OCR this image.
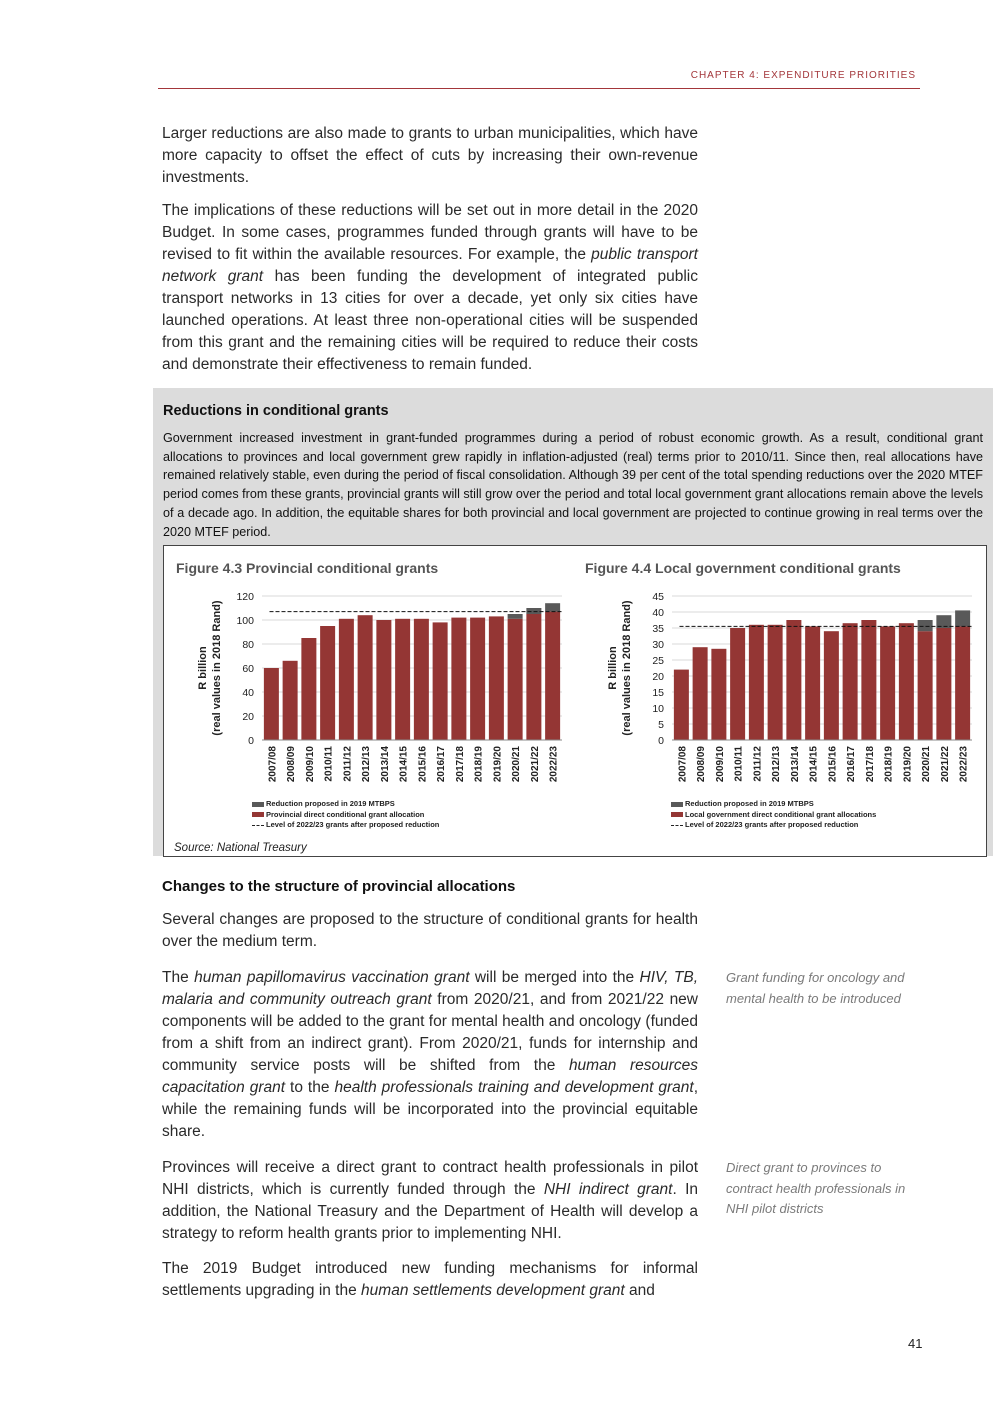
CHAPTER 4: EXPENDITURE PRIORITIES

Larger reductions are also made to grants to urban municipalities, which have more capacity to offset the effect of cuts by increasing their own-revenue investments.

The implications of these reductions will be set out in more detail in the 2020 Budget. In some cases, programmes funded through grants will have to be revised to fit within the available resources. For example, the public transport network grant has been funding the development of integrated public transport networks in 13 cities for over a decade, yet only six cities have launched operations. At least three non-operational cities will be suspended from this grant and the remaining cities will be required to reduce their costs and demonstrate their effectiveness to remain funded.

Reductions in conditional grants

Government increased investment in grant-funded programmes during a period of robust economic growth. As a result, conditional grant allocations to provinces and local government grew rapidly in inflation-adjusted (real) terms prior to 2010/11. Since then, real allocations have remained relatively stable, even during the period of fiscal consolidation. Although 39 per cent of the total spending reductions over the 2020 MTEF period comes from these grants, provincial grants will still grow over the period and total local government grant allocations remain above the levels of a decade ago. In addition, the equitable shares for both provincial and local government are projected to continue growing in real terms over the 2020 MTEF period.

Figure 4.3 Provincial conditional grants	Figure 4.4 Local government conditional grants
R billion (real values in 2018 Rand)
0
20
40
60
80
100
120
2007/08 2008/09 2009/10 2010/11 2011/12 2012/13 2013/14 2014/15 2015/16 2016/17 2017/18 2018/19 2019/20 2020/21 2021/22 2022/23
R billion (real values in 2018 Rand)
0
5
10
15
20
25
30
35
40
45
2007/08 2008/09 2009/10 2010/11 2011/12 2012/13 2013/14 2014/15 2015/16 2016/17 2017/18 2018/19 2019/20 2020/21 2021/22 2022/23
Reduction proposed in 2019 MTBPS
Provincial direct conditional grant allocation
Level of 2022/23 grants after proposed reduction
Reduction proposed in 2019 MTBPS
Local government direct conditional grant allocations
Level of 2022/23 grants after proposed reduction
Source: National Treasury
Changes to the structure of provincial allocations

Several changes are proposed to the structure of conditional grants for health over the medium term.

The human papillomavirus vaccination grant will be merged into the HIV, TB, malaria and community outreach grant from 2020/21, and from 2021/22 new components will be added to the grant for mental health and oncology (funded from a shift from an indirect grant). From 2020/21, funds for internship and community service posts will be shifted from the human resources capacitation grant to the health professionals training and development grant, while the remaining funds will be incorporated into the provincial equitable share.

Provinces will receive a direct grant to contract health professionals in pilot NHI districts, which is currently funded through the NHI indirect grant. In addition, the National Treasury and the Department of Health will develop a strategy to reform health grants prior to implementing NHI.

The 2019 Budget introduced new funding mechanisms for informal settlements upgrading in the human settlements development grant and

Grant funding for oncology and mental health to be introduced
Direct grant to provinces to contract health professionals in NHI pilot districts
41
